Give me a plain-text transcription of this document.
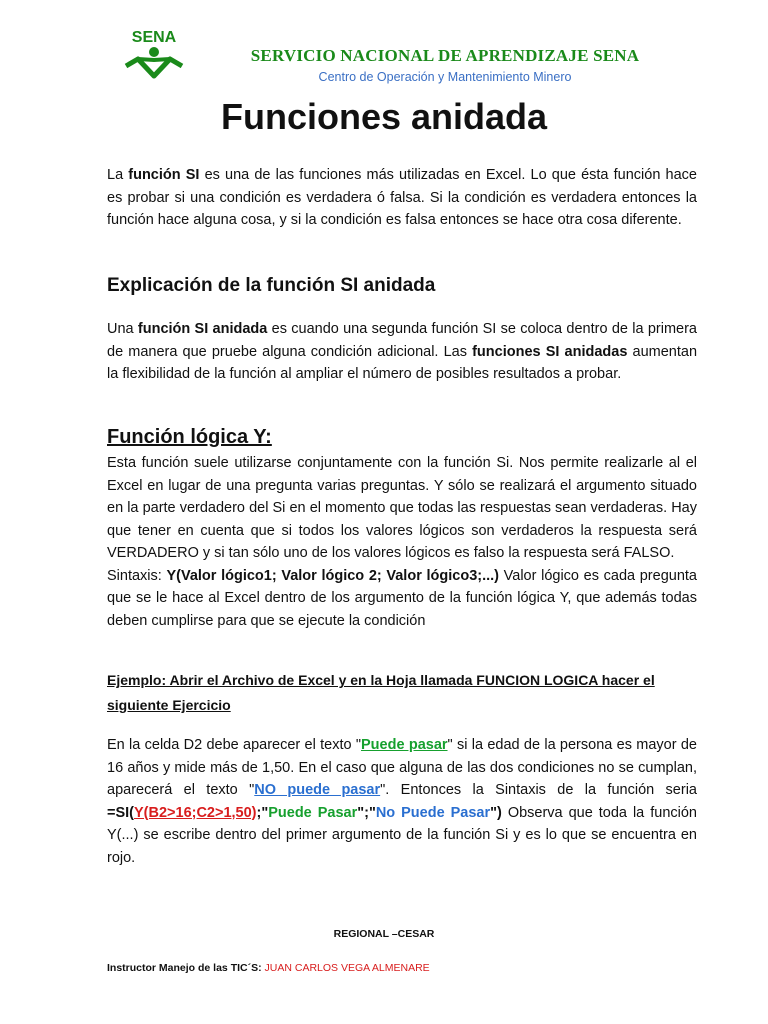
SENA
SERVICIO NACIONAL DE APRENDIZAJE SENA
Centro de Operación y Mantenimiento Minero
Funciones anidada
La función SI es una de las funciones más utilizadas en Excel. Lo que ésta función hace es probar si una condición es verdadera ó falsa. Si la condición es verdadera entonces la función hace alguna cosa, y si la condición es falsa entonces se hace otra cosa diferente.
Explicación de la función SI anidada
Una función SI anidada es cuando una segunda función SI se coloca dentro de la primera de manera que pruebe alguna condición adicional. Las funciones SI anidadas aumentan la flexibilidad de la función al ampliar el número de posibles resultados a probar.
Función lógica Y:
Esta función suele utilizarse conjuntamente con la función Si. Nos permite realizarle al el Excel en lugar de una pregunta varias preguntas. Y sólo se realizará el argumento situado en la parte verdadero del Si en el momento que todas las respuestas sean verdaderas. Hay que tener en cuenta que si todos los valores lógicos son verdaderos la respuesta será VERDADERO y si tan sólo uno de los valores lógicos es falso la respuesta será FALSO.
Sintaxis: Y(Valor lógico1; Valor lógico 2; Valor lógico3;...) Valor lógico es cada pregunta que se le hace al Excel dentro de los argumento de la función lógica Y, que además todas deben cumplirse para que se ejecute la condición
Ejemplo: Abrir el Archivo de Excel y en la Hoja llamada FUNCION LOGICA hacer el siguiente Ejercicio
En la celda D2 debe aparecer el texto "Puede pasar" si la edad de la persona es mayor de 16 años y mide más de 1,50. En el caso que alguna de las dos condiciones no se cumplan, aparecerá el texto "NO puede pasar". Entonces la Sintaxis de la función seria =SI(Y(B2>16;C2>1,50);"Puede Pasar";"No Puede Pasar") Observa que toda la función Y(...) se escribe dentro del primer argumento de la función Si y es lo que se encuentra en rojo.
REGIONAL –CESAR
Instructor Manejo de las TIC´S: JUAN CARLOS VEGA ALMENARE
